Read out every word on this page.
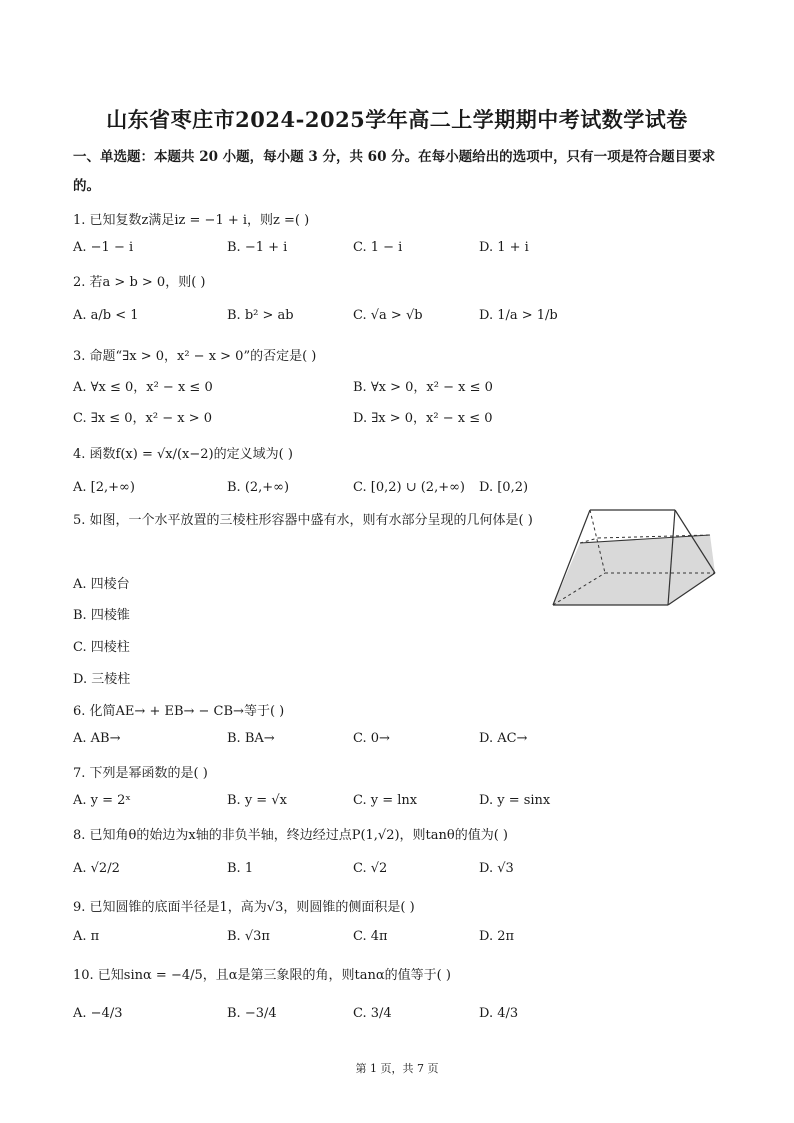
山东省枣庄市2024-2025学年高二上学期期中考试数学试卷
一、单选题：本题共 20 小题，每小题 3 分，共 60 分。在每小题给出的选项中，只有一项是符合题目要求的。
1. 已知复数z满足iz = −1 + i，则z =( )
A. −1 − i	B. −1 + i	C. 1 − i	D. 1 + i
2. 若a > b > 0，则( )
A. a/b < 1	B. b² > ab	C. √a > √b	D. 1/a > 1/b
3. 命题“∃x > 0，x² − x > 0”的否定是( )
A. ∀x ≤ 0，x² − x ≤ 0	B. ∀x > 0，x² − x ≤ 0
C. ∃x ≤ 0，x² − x > 0	D. ∃x > 0，x² − x ≤ 0
4. 函数f(x) = √x/(x−2)的定义域为( )
A. [2,+∞)	B. (2,+∞)	C. [0,2) ∪ (2,+∞) D. [0,2)
5. 如图，一个水平放置的三棱柱形容器中盛有水，则有水部分呈现的几何体是( )
A. 四棱台
B. 四棱锥
C. 四棱柱
D. 三棱柱
6. 化简AE→ + EB→ − CB→等于( )
A. AB→	B. BA→	C. 0→	D. AC→
7. 下列是幂函数的是( )
A. y = 2ˣ	B. y = √x	C. y = lnx	D. y = sinx
8. 已知角θ的始边为x轴的非负半轴，终边经过点P(1,√2)，则tanθ的值为( )
A. √2/2	B. 1	C. √2	D. √3
9. 已知圆锥的底面半径是1，高为√3，则圆锥的侧面积是( )
A. π	B. √3π	C. 4π	D. 2π
10. 已知sinα = −4/5，且α是第三象限的角，则tanα的值等于( )
A. −4/3	B. −3/4	C. 3/4	D. 4/3
第 1 页，共 7 页
